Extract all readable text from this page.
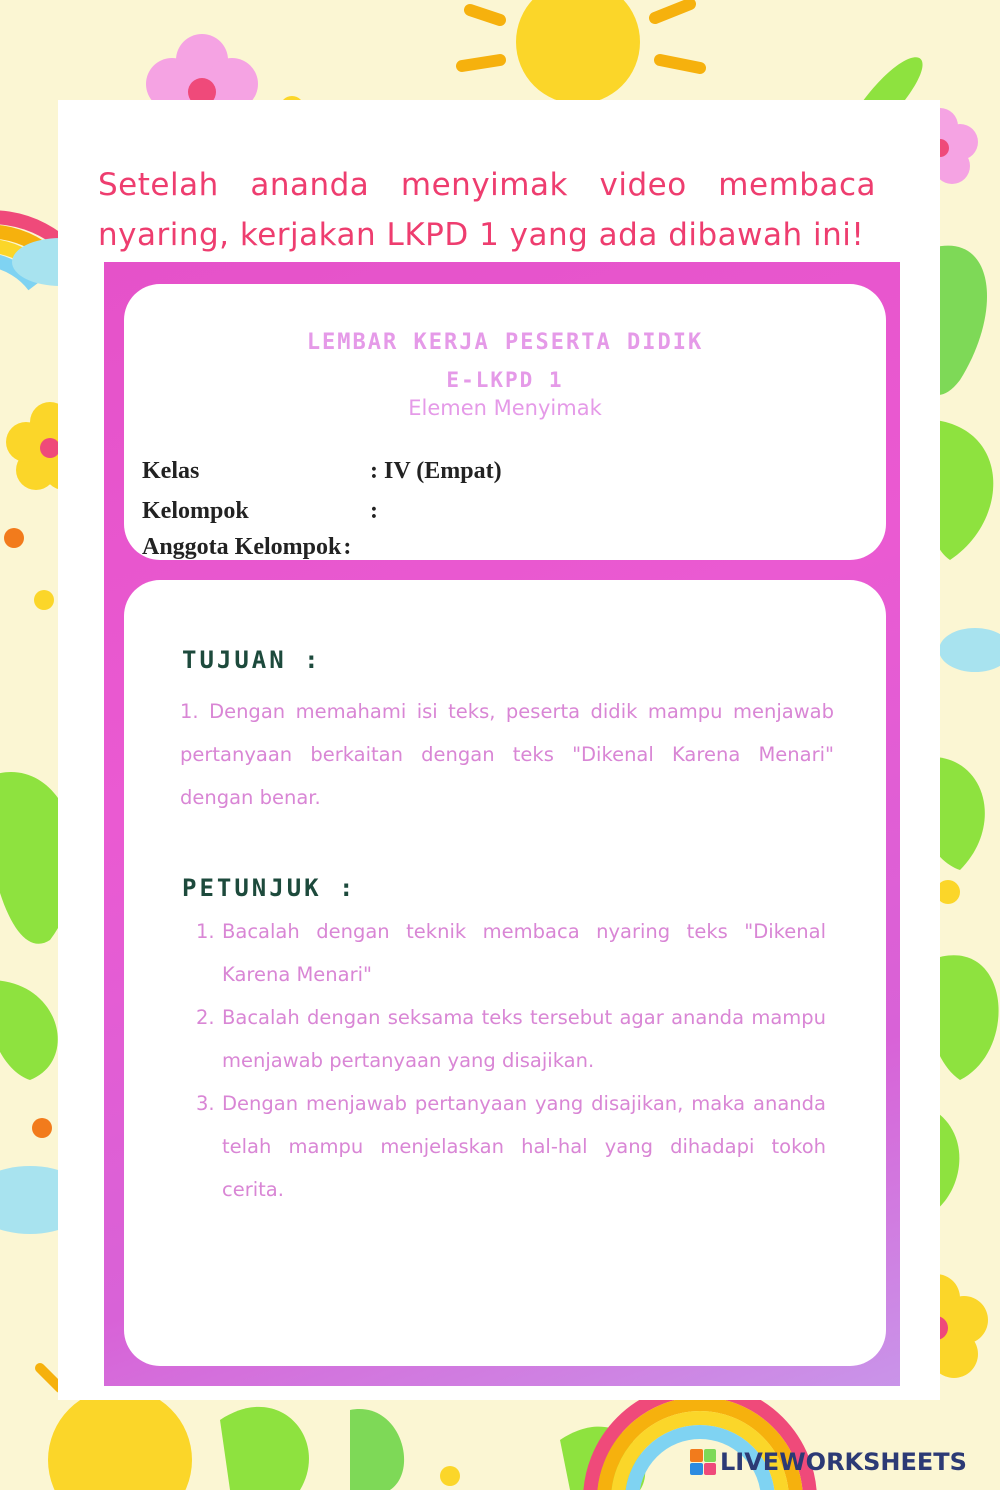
Setelah ananda menyimak video membaca nyaring, kerjakan LKPD 1 yang ada dibawah ini!

LEMBAR KERJA PESERTA DIDIK

E-LKPD 1

Elemen Menyimak

Kelas	: IV (Empat)
Kelompok	:
Anggota Kelompok :

TUJUAN :

1. Dengan memahami isi teks, peserta didik mampu menjawab pertanyaan berkaitan dengan teks "Dikenal Karena Menari" dengan benar.

PETUNJUK :

1. Bacalah dengan teknik membaca nyaring teks "Dikenal Karena Menari"
2. Bacalah dengan seksama teks tersebut agar ananda mampu menjawab pertanyaan yang disajikan.
3. Dengan menjawab pertanyaan yang disajikan, maka ananda telah mampu menjelaskan hal-hal yang dihadapi tokoh cerita.
LIVEWORKSHEETS
